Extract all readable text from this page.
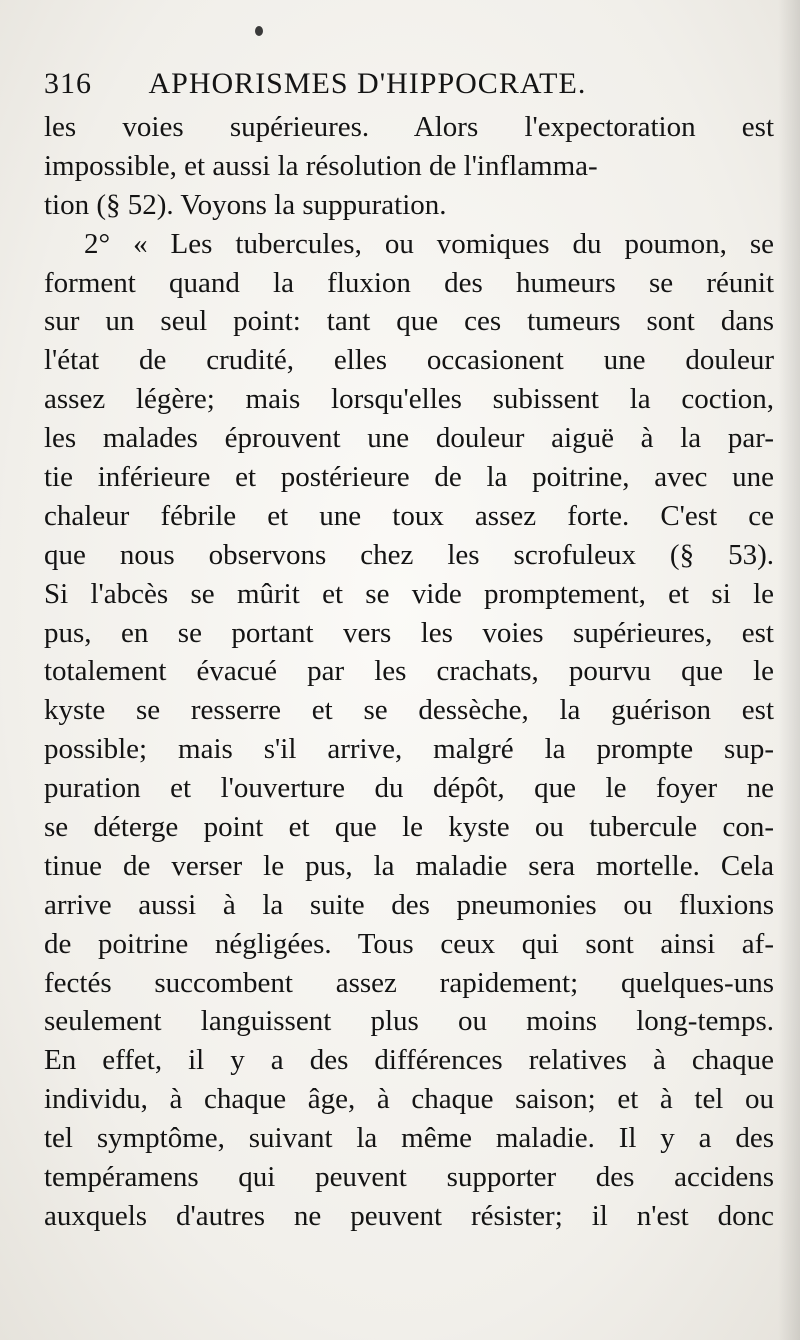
316 APHORISMES D'HIPPOCRATE.
les voies supérieures. Alors l'expectoration est
impossible, et aussi la résolution de l'inflamma-
tion (§ 52). Voyons la suppuration.
2° « Les tubercules, ou vomiques du poumon, se
forment quand la fluxion des humeurs se réunit
sur un seul point: tant que ces tumeurs sont dans
l'état de crudité, elles occasionent une douleur
assez légère; mais lorsqu'elles subissent la coction,
les malades éprouvent une douleur aiguë à la par-
tie inférieure et postérieure de la poitrine, avec une
chaleur fébrile et une toux assez forte. C'est ce
que nous observons chez les scrofuleux (§ 53).
Si l'abcès se mûrit et se vide promptement, et si le
pus, en se portant vers les voies supérieures, est
totalement évacué par les crachats, pourvu que le
kyste se resserre et se dessèche, la guérison est
possible; mais s'il arrive, malgré la prompte sup-
puration et l'ouverture du dépôt, que le foyer ne
se déterge point et que le kyste ou tubercule con-
tinue de verser le pus, la maladie sera mortelle. Cela
arrive aussi à la suite des pneumonies ou fluxions
de poitrine négligées. Tous ceux qui sont ainsi af-
fectés succombent assez rapidement; quelques-uns
seulement languissent plus ou moins long-temps.
En effet, il y a des différences relatives à chaque
individu, à chaque âge, à chaque saison; et à tel ou
tel symptôme, suivant la même maladie. Il y a des
tempéramens qui peuvent supporter des accidens
auxquels d'autres ne peuvent résister; il n'est donc
